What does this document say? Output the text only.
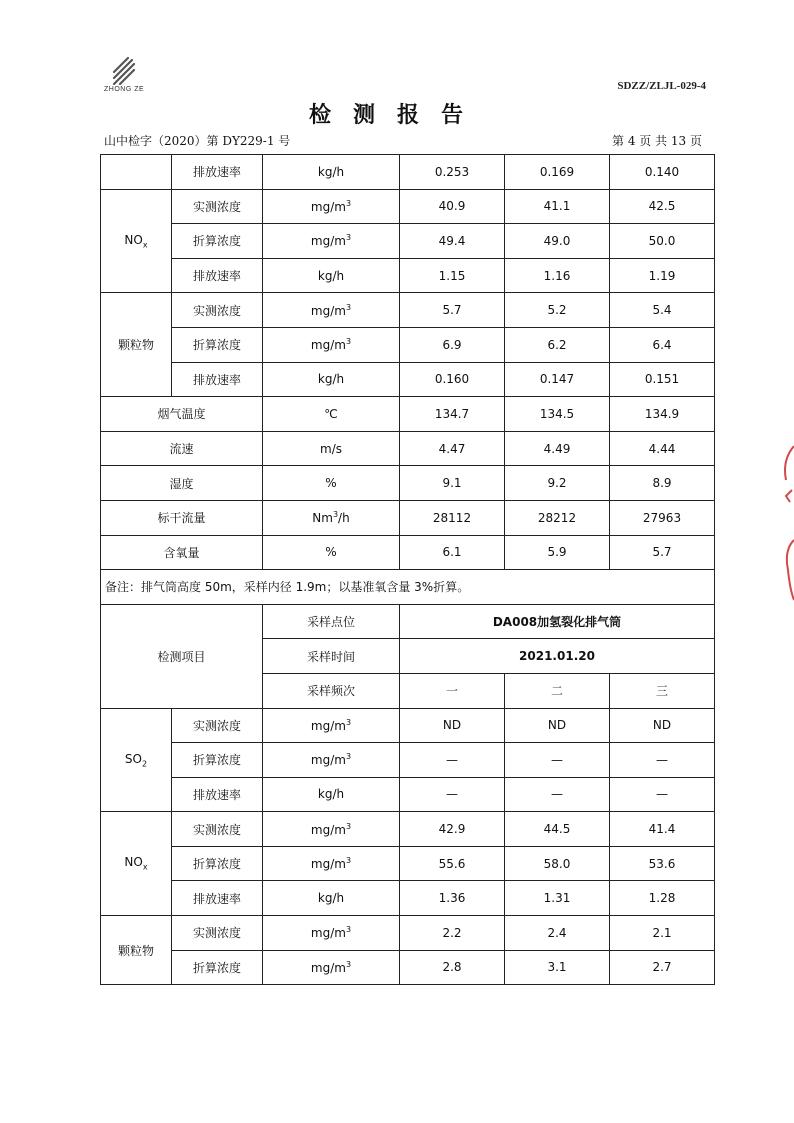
ZHONG ZE	SDZZ/ZLJL-029-4
检测报告
山中检字（2020）第 DY229-1 号	第 4 页 共 13 页
	排放速率	kg/h	0.253	0.169	0.140
$NO_x$	实测浓度	$mg/m^3$	40.9	41.1	42.5
	折算浓度	$mg/m^3$	49.4	49.0	50.0
	排放速率	kg/h	1.15	1.16	1.19
颗粒物	实测浓度	$mg/m^3$	5.7	5.2	5.4
	折算浓度	$mg/m^3$	6.9	6.2	6.4
	排放速率	kg/h	0.160	0.147	0.151
烟气温度		℃	134.7	134.5	134.9
流速		m/s	4.47	4.49	4.44
湿度		%	9.1	9.2	8.9
标干流量		Nm$^3$/h	28112	28212	27963
含氧量		%	6.1	5.9	5.7
备注：排气筒高度 50m，采样内径 1.9m；以基准氧含量 3%折算。					
检测项目		采样点位	DA008加氢裂化排气筒		
		采样时间	2021.01.20		
		采样频次	一	二	三
$SO_2$	实测浓度	$mg/m^3$	ND	ND	ND
	折算浓度	$mg/m^3$	—	—	—
	排放速率	kg/h	—	—	—
$NO_x$	实测浓度	$mg/m^3$	42.9	44.5	41.4
	折算浓度	$mg/m^3$	55.6	58.0	53.6
	排放速率	kg/h	1.36	1.31	1.28
颗粒物	实测浓度	$mg/m^3$	2.2	2.4	2.1
	折算浓度	$mg/m^3$	2.8	3.1	2.7
